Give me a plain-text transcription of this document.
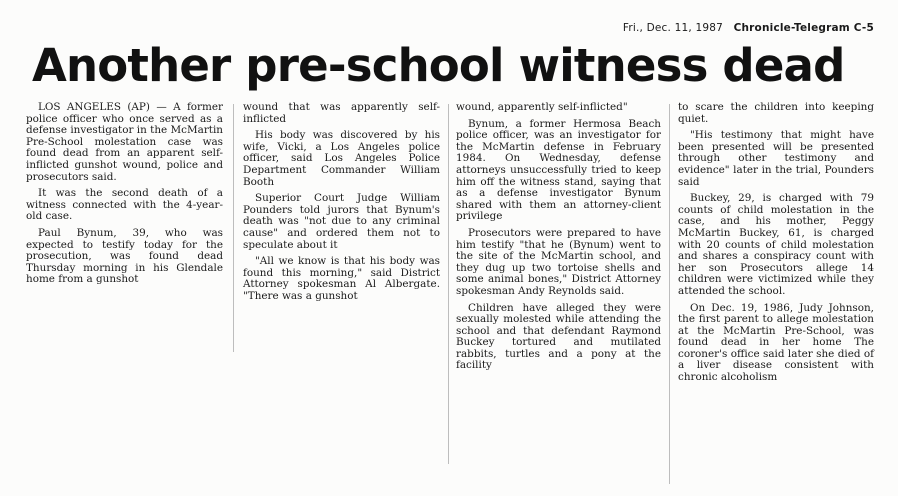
Fri., Dec. 11, 1987 Chronicle-Telegram C-5
Another pre-school witness dead

LOS ANGELES (AP) — A former police officer who once served as a defense investigator in the McMartin Pre-School molestation case was found dead from an apparent self-inflicted gunshot wound, police and prosecutors said.

It was the second death of a witness connected with the 4-year-old case.

Paul Bynum, 39, who was expected to testify today for the prosecution, was found dead Thursday morning in his Glendale home from a gunshot

wound that was apparently self-inflicted

His body was discovered by his wife, Vicki, a Los Angeles police officer, said Los Angeles Police Department Commander William Booth

Superior Court Judge William Pounders told jurors that Bynum's death was "not due to any criminal cause" and ordered them not to speculate about it

"All we know is that his body was found this morning," said District Attorney spokesman Al Albergate. "There was a gunshot

wound, apparently self-inflicted"

Bynum, a former Hermosa Beach police officer, was an investigator for the McMartin defense in February 1984. On Wednesday, defense attorneys unsuccessfully tried to keep him off the witness stand, saying that as a defense investigator Bynum shared with them an attorney-client privilege

Prosecutors were prepared to have him testify "that he (Bynum) went to the site of the McMartin school, and they dug up two tortoise shells and some animal bones," District Attorney spokesman Andy Reynolds said.

Children have alleged they were sexually molested while attending the school and that defendant Raymond Buckey tortured and mutilated rabbits, turtles and a pony at the facility

to scare the children into keeping quiet.

"His testimony that might have been presented will be presented through other testimony and evidence" later in the trial, Pounders said

Buckey, 29, is charged with 79 counts of child molestation in the case, and his mother, Peggy McMartin Buckey, 61, is charged with 20 counts of child molestation and shares a conspiracy count with her son Prosecutors allege 14 children were victimized while they attended the school.

On Dec. 19, 1986, Judy Johnson, the first parent to allege molestation at the McMartin Pre-School, was found dead in her home The coroner's office said later she died of a liver disease consistent with chronic alcoholism
